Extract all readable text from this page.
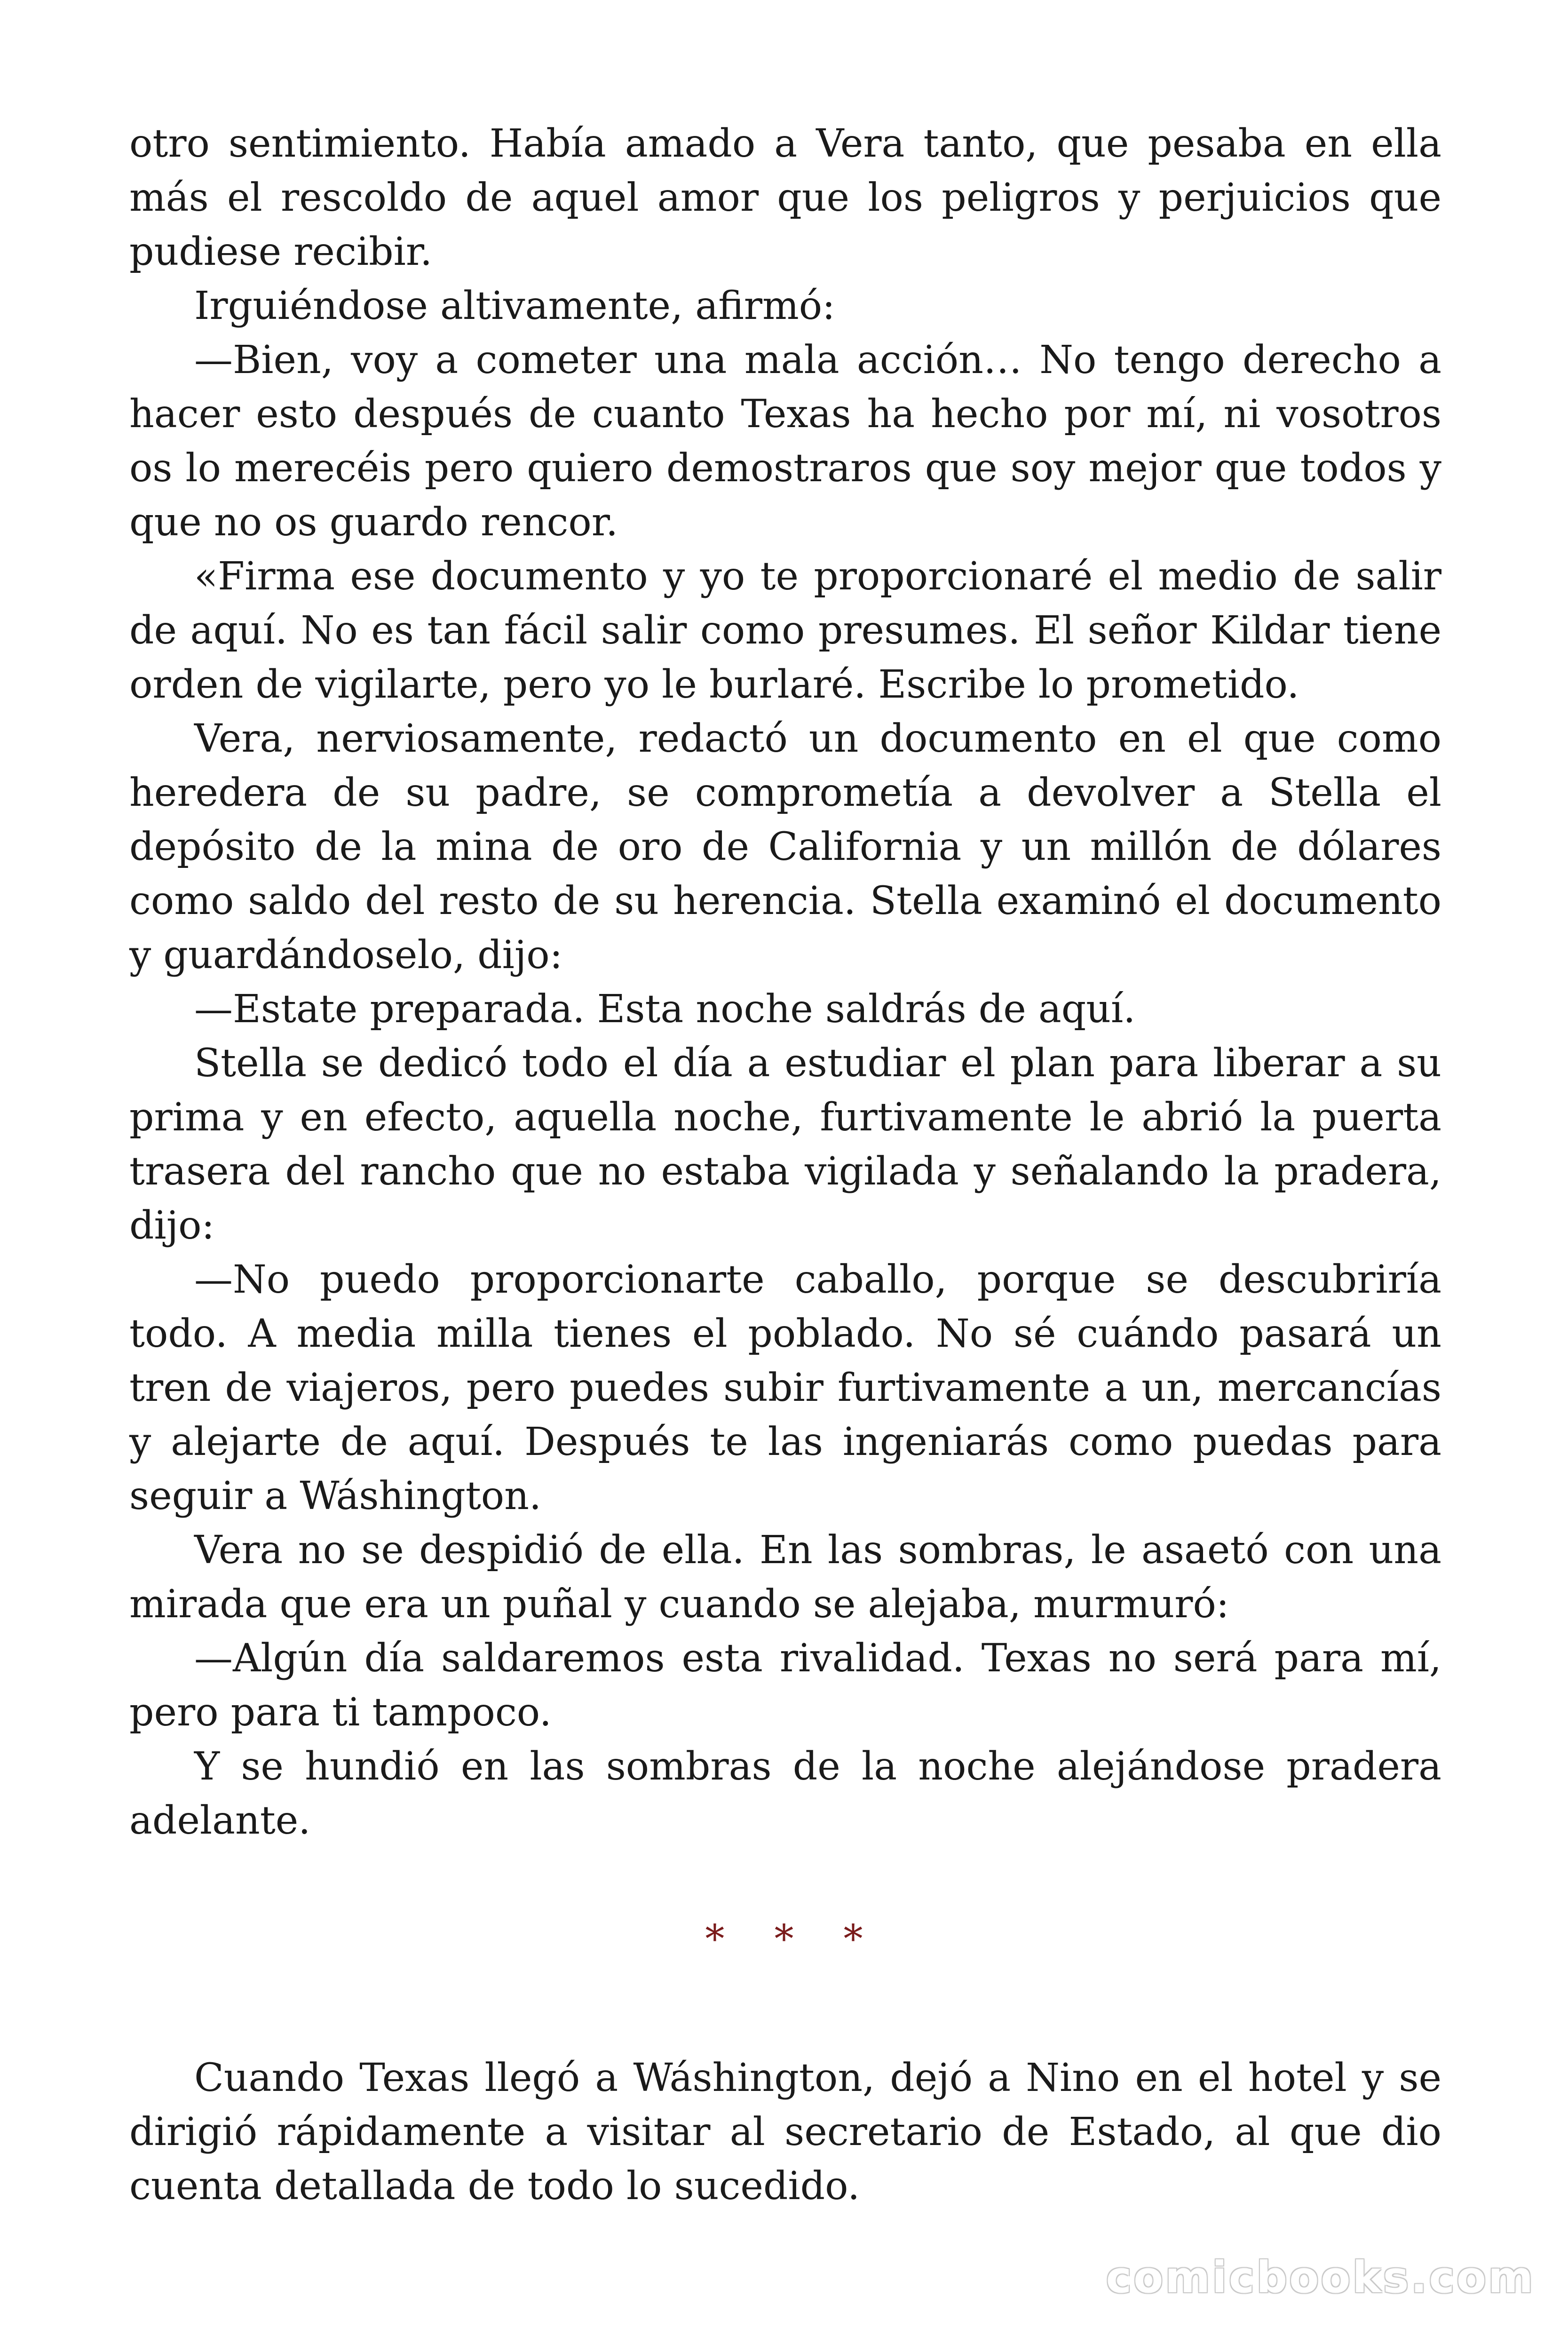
otro sentimiento. Había amado a Vera tanto, que pesaba en ella más el rescoldo de aquel amor que los peligros y perjuicios que pudiese recibir.

Irguiéndose altivamente, afirmó:

—Bien, voy a cometer una mala acción… No tengo derecho a hacer esto después de cuanto Texas ha hecho por mí, ni vosotros os lo merecéis pero quiero demostraros que soy mejor que todos y que no os guardo rencor.

«Firma ese documento y yo te proporcionaré el medio de salir de aquí. No es tan fácil salir como presumes. El señor Kildar tiene orden de vigilarte, pero yo le burlaré. Escribe lo prometido.

Vera, nerviosamente, redactó un documento en el que como heredera de su padre, se comprometía a devolver a Stella el depósito de la mina de oro de California y un millón de dólares como saldo del resto de su herencia. Stella examinó el documento y guardándoselo, dijo:

—Estate preparada. Esta noche saldrás de aquí.

Stella se dedicó todo el día a estudiar el plan para liberar a su prima y en efecto, aquella noche, furtivamente le abrió la puerta trasera del rancho que no estaba vigilada y señalando la pradera, dijo:

—No puedo proporcionarte caballo, porque se descubriría todo. A media milla tienes el poblado. No sé cuándo pasará un tren de viajeros, pero puedes subir furtivamente a un, mercancías y alejarte de aquí. Después te las ingeniarás como puedas para seguir a Wáshington.

Vera no se despidió de ella. En las sombras, le asaetó con una mirada que era un puñal y cuando se alejaba, murmuró:

—Algún día saldaremos esta rivalidad. Texas no será para mí, pero para ti tampoco.

Y se hundió en las sombras de la noche alejándose pradera adelante.

* * *

Cuando Texas llegó a Wáshington, dejó a Nino en el hotel y se dirigió rápidamente a visitar al secretario de Estado, al que dio cuenta detallada de todo lo sucedido.

comicbooks.com
